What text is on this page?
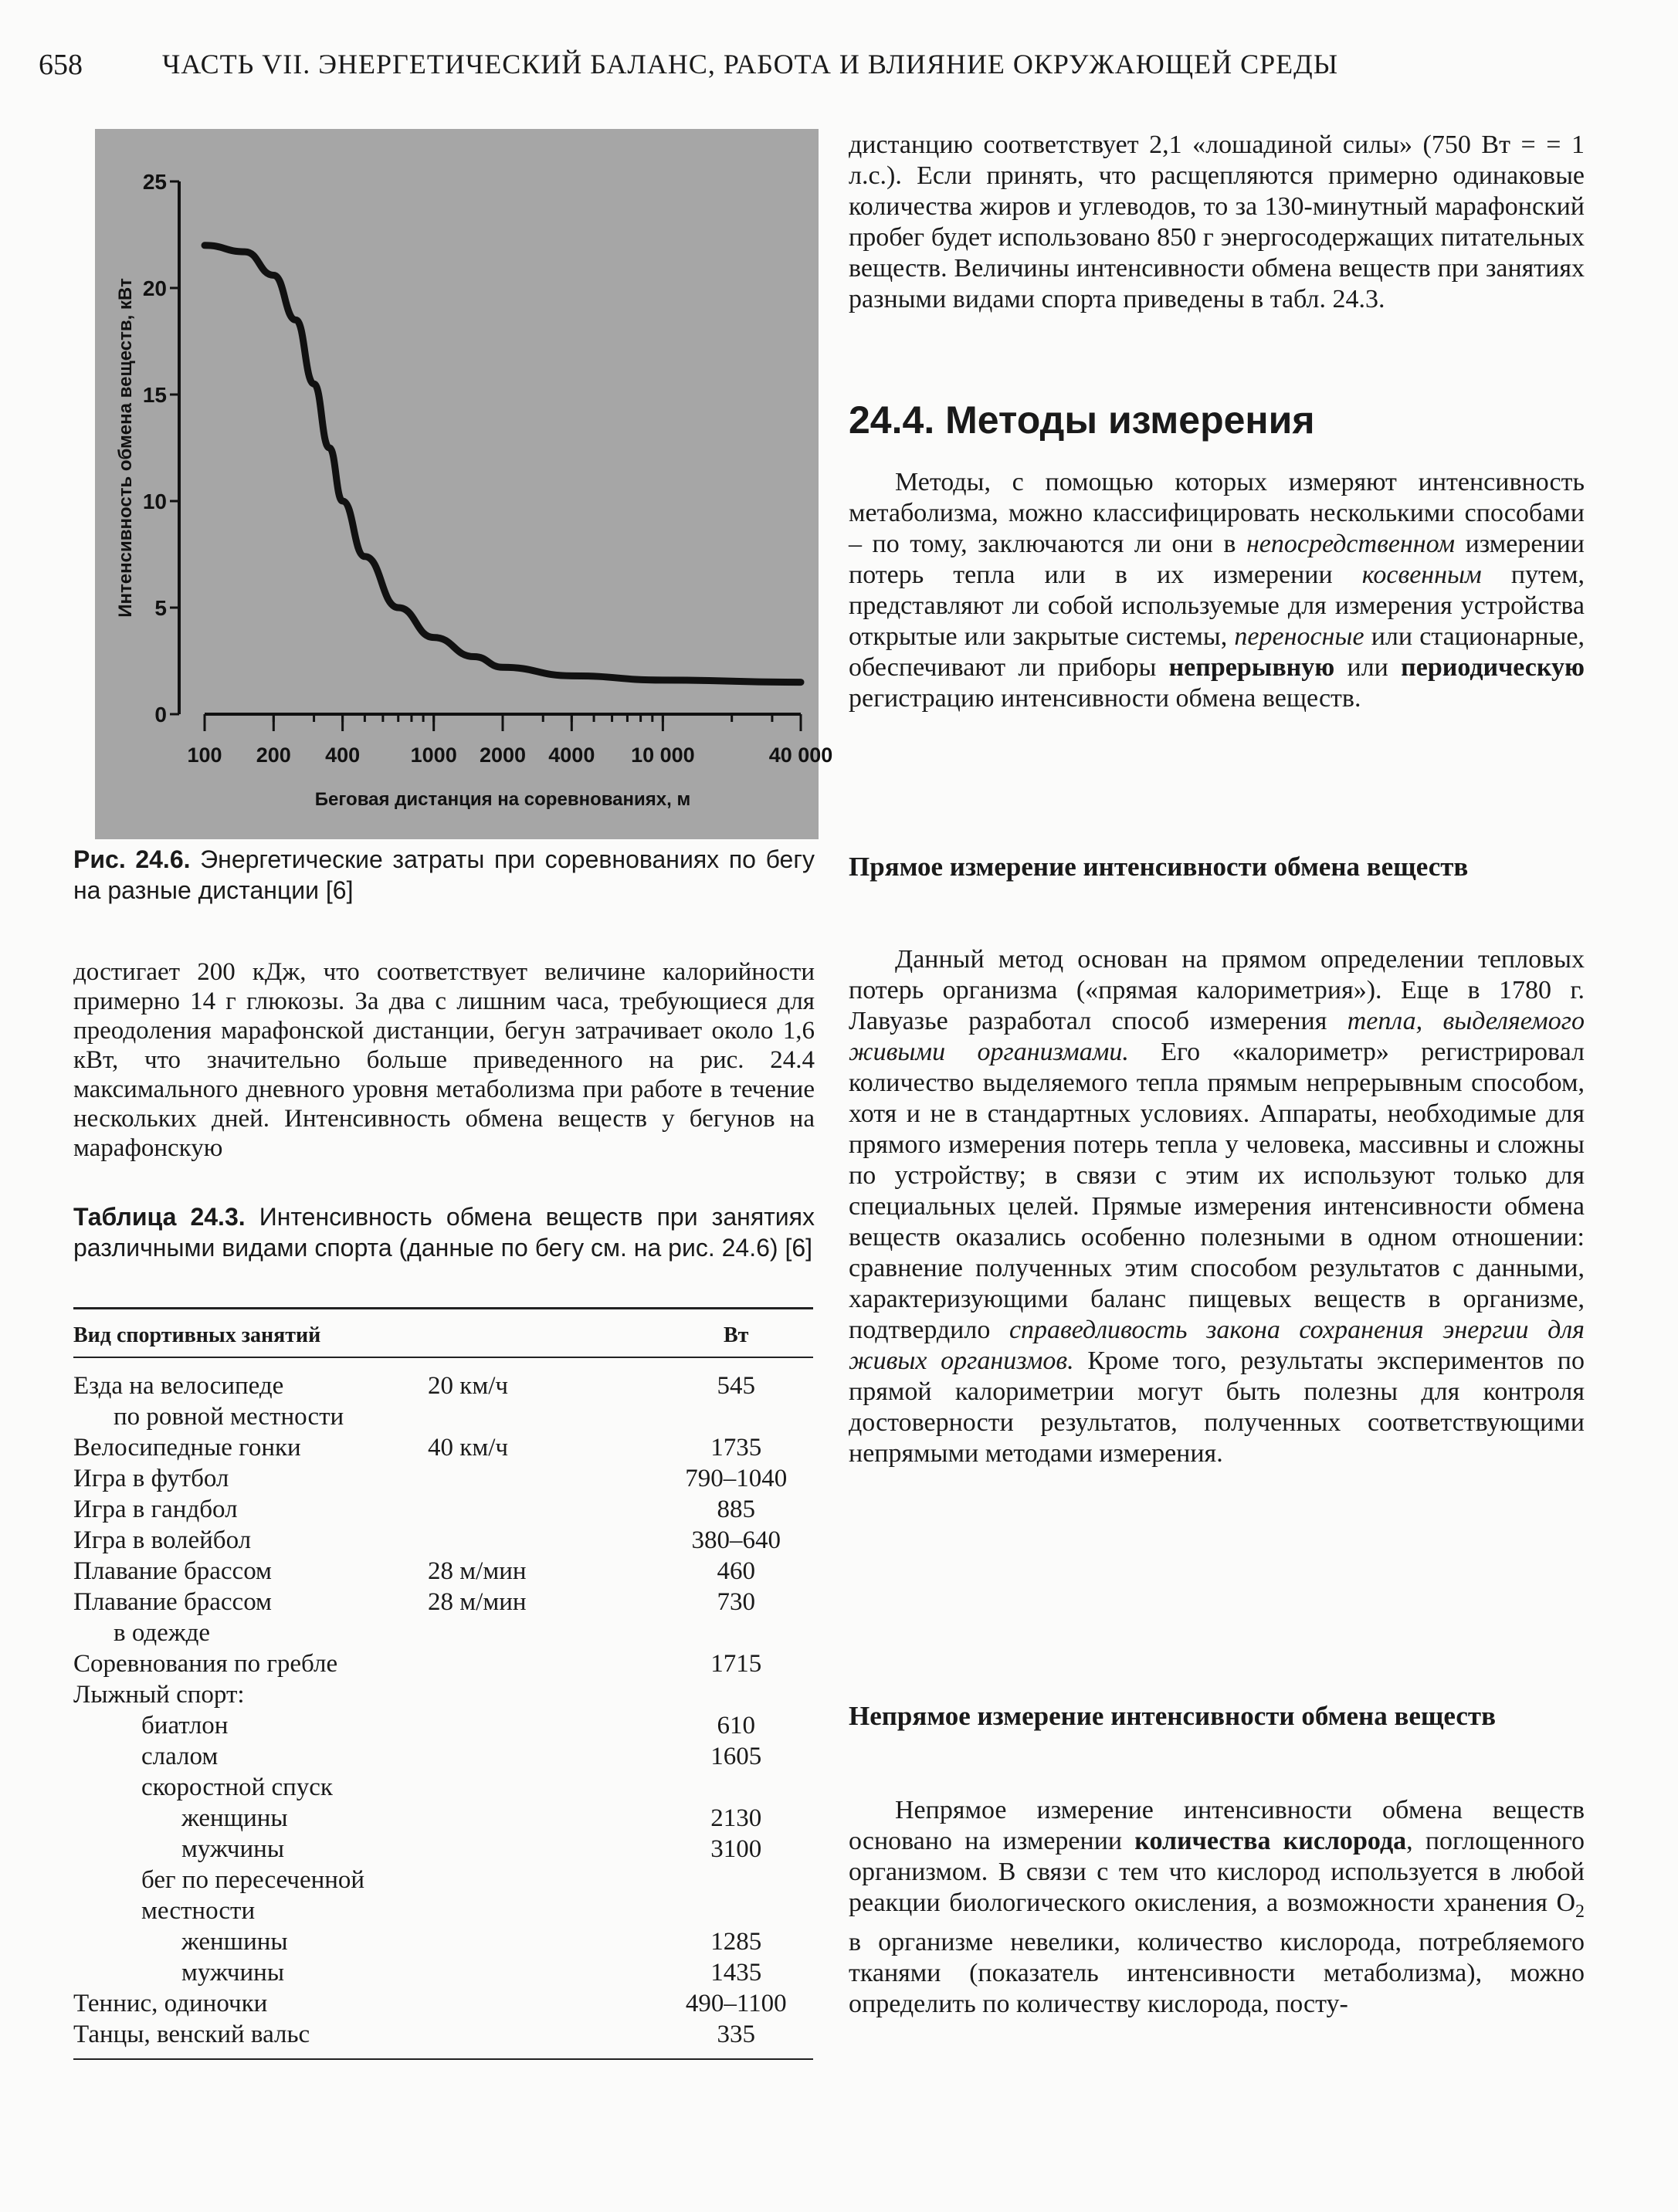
658	ЧАСТЬ VII. ЭНЕРГЕТИЧЕСКИЙ БАЛАНС, РАБОТА И ВЛИЯНИЕ ОКРУЖАЮЩЕЙ СРЕДЫ
0
5
10
15
20
25
100 200 400 1000 2000 4000 10 000	40 000
Беговая дистанция на соревнованиях, м
Интенсивность обмена веществ, кВт
Рис. 24.6. Энергетические затраты при соревнованиях по бегу на разные дистанции [6]
достигает 200 кДж, что соответствует величине калорийности примерно 14 г глюкозы. За два с лишним часа, требующиеся для преодоления марафонской дистанции, бегун затрачивает около 1,6 кВт, что значительно больше приведенного на рис. 24.4 максимального дневного уровня метаболизма при работе в течение нескольких дней. Интенсивность обмена веществ у бегунов на марафонскую
Таблица 24.3. Интенсивность обмена веществ при занятиях различными видами спорта (данные по бегу см. на рис. 24.6) [6]
Вид спортивных занятий	Вт
Езда на велосипеде	20 км/ч	545
по ровной местности
Велосипедные гонки	40 км/ч	1735
Игра в футбол	790–1040
Игра в гандбол	885
Игра в волейбол	380–640
Плавание брассом	28 м/мин	460
Плавание брассом	28 м/мин	730
в одежде
Соревнования по гребле	1715
Лыжный спорт:
биатлон	610
слалом	1605
скоростной спуск
женщины	2130
мужчины	3100
бег по пересеченной
местности
женшины	1285
мужчины	1435
Теннис, одиночки	490–1100
Танцы, венский вальс	335
дистанцию соответствует 2,1 «лошадиной силы» (750 Вт = = 1 л.с.). Если принять, что расщепляются примерно одинаковые количества жиров и углеводов, то за 130-минутный марафонский пробег будет использовано 850 г энергосодержащих питательных веществ. Величины интенсивности обмена веществ при занятиях разными видами спорта приведены в табл. 24.3.
24.4. Методы измерения
Методы, с помощью которых измеряют интенсивность метаболизма, можно классифицировать несколькими способами – по тому, заключаются ли они в непосредственном измерении потерь тепла или в их измерении косвенным путем, представляют ли собой используемые для измерения устройства открытые или закрытые системы, переносные или стационарные, обеспечивают ли приборы непрерывную или периодическую регистрацию интенсивности обмена веществ.
Прямое измерение интенсивности обмена веществ
Данный метод основан на прямом определении тепловых потерь организма («прямая калориметрия»). Еще в 1780 г. Лавуазье разработал способ измерения тепла, выделяемого живыми организмами. Его «калориметр» регистрировал количество выделяемого тепла прямым непрерывным способом, хотя и не в стандартных условиях. Аппараты, необходимые для прямого измерения потерь тепла у человека, массивны и сложны по устройству; в связи с этим их используют только для специальных целей. Прямые измерения интенсивности обмена веществ оказались особенно полезными в одном отношении: сравнение полученных этим способом результатов с данными, характеризующими баланс пищевых веществ в организме, подтвердило справедливость закона сохранения энергии для живых организмов. Кроме того, результаты экспериментов по прямой калориметрии могут быть полезны для контроля достоверности результатов, полученных соответствующими непрямыми методами измерения.
Непрямое измерение интенсивности обмена веществ
Непрямое измерение интенсивности обмена веществ основано на измерении количества кислорода, поглощенного организмом. В связи с тем что кислород используется в любой реакции биологического окисления, а возможности хранения $O_2$ в организме невелики, количество кислорода, потребляемого тканями (показатель интенсивности метаболизма), можно определить по количеству кислорода, посту-
